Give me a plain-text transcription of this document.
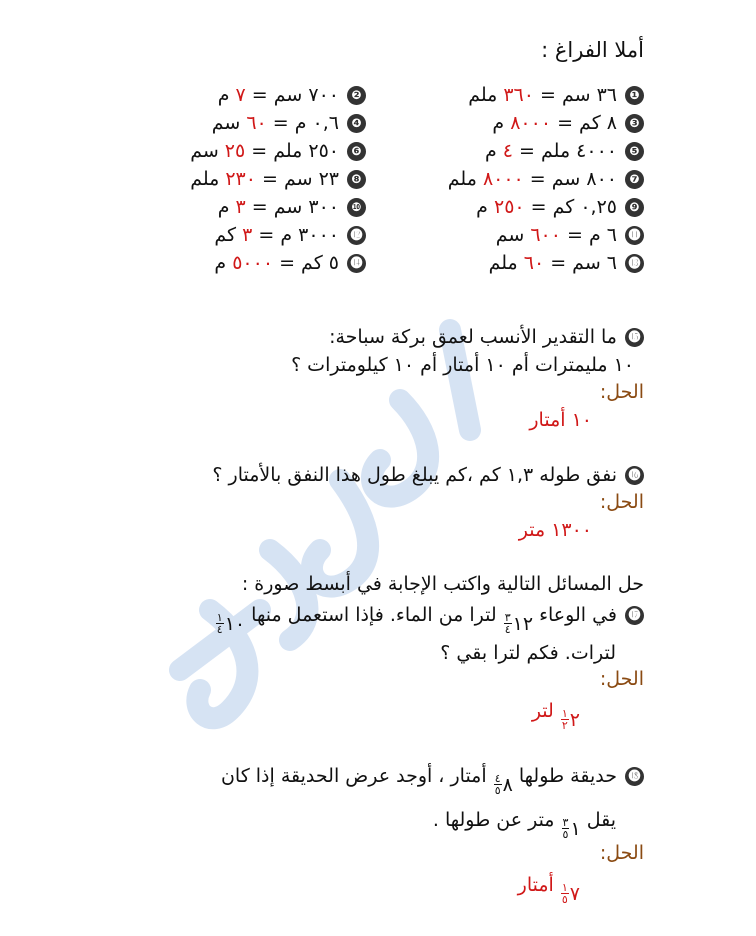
أملا الفراغ :
❶٣٦ سم = ٣٦٠ ملم
❷٧٠٠ سم = ٧ م
❸٨ كم = ٨٠٠٠ م
❹٠,٦ م = ٦٠ سم
❺٤٠٠٠ ملم = ٤ م
❻٢٥٠ ملم = ٢٥ سم
❼٨٠٠ سم = ٨٠٠٠ ملم
❽٢٣ سم = ٢٣٠ ملم
❾٠,٢٥ كم = ٢٥٠ م
❿٣٠٠ سم = ٣ م
⓫٦ م = ٦٠٠ سم
⓬٣٠٠٠ م = ٣ كم
⓭٦ سم = ٦٠ ملم
⓮٥ كم = ٥٠٠٠ م
⓯ما التقدير الأنسب لعمق بركة سباحة:
١٠ مليمترات أم ١٠ أمتار أم ١٠ كيلومترات ؟
الحل:
١٠ أمتار
⓰نفق طوله ١,٣ كم ،كم يبلغ طول هذا النفق بالأمتار ؟
الحل:
١٣٠٠ متر
حل المسائل التالية واكتب الإجابة في أبسط صورة :
⓱في الوعاء
$\frac{٣}{٤}$ ١٢
لترا من الماء. فإذا استعمل منها
$\frac{١}{٤}$ ١٠
لترات. فكم لترا بقي ؟
الحل:
$\frac{١}{٢}$ ٢
لتر
⓲حديقة طولها
$\frac{٤}{٥}$ ٨
أمتار ، أوجد عرض الحديقة إذا كان
يقل
$\frac{٣}{٥}$ ١
متر عن طولها .
الحل:
$\frac{١}{٥}$ ٧
أمتار
